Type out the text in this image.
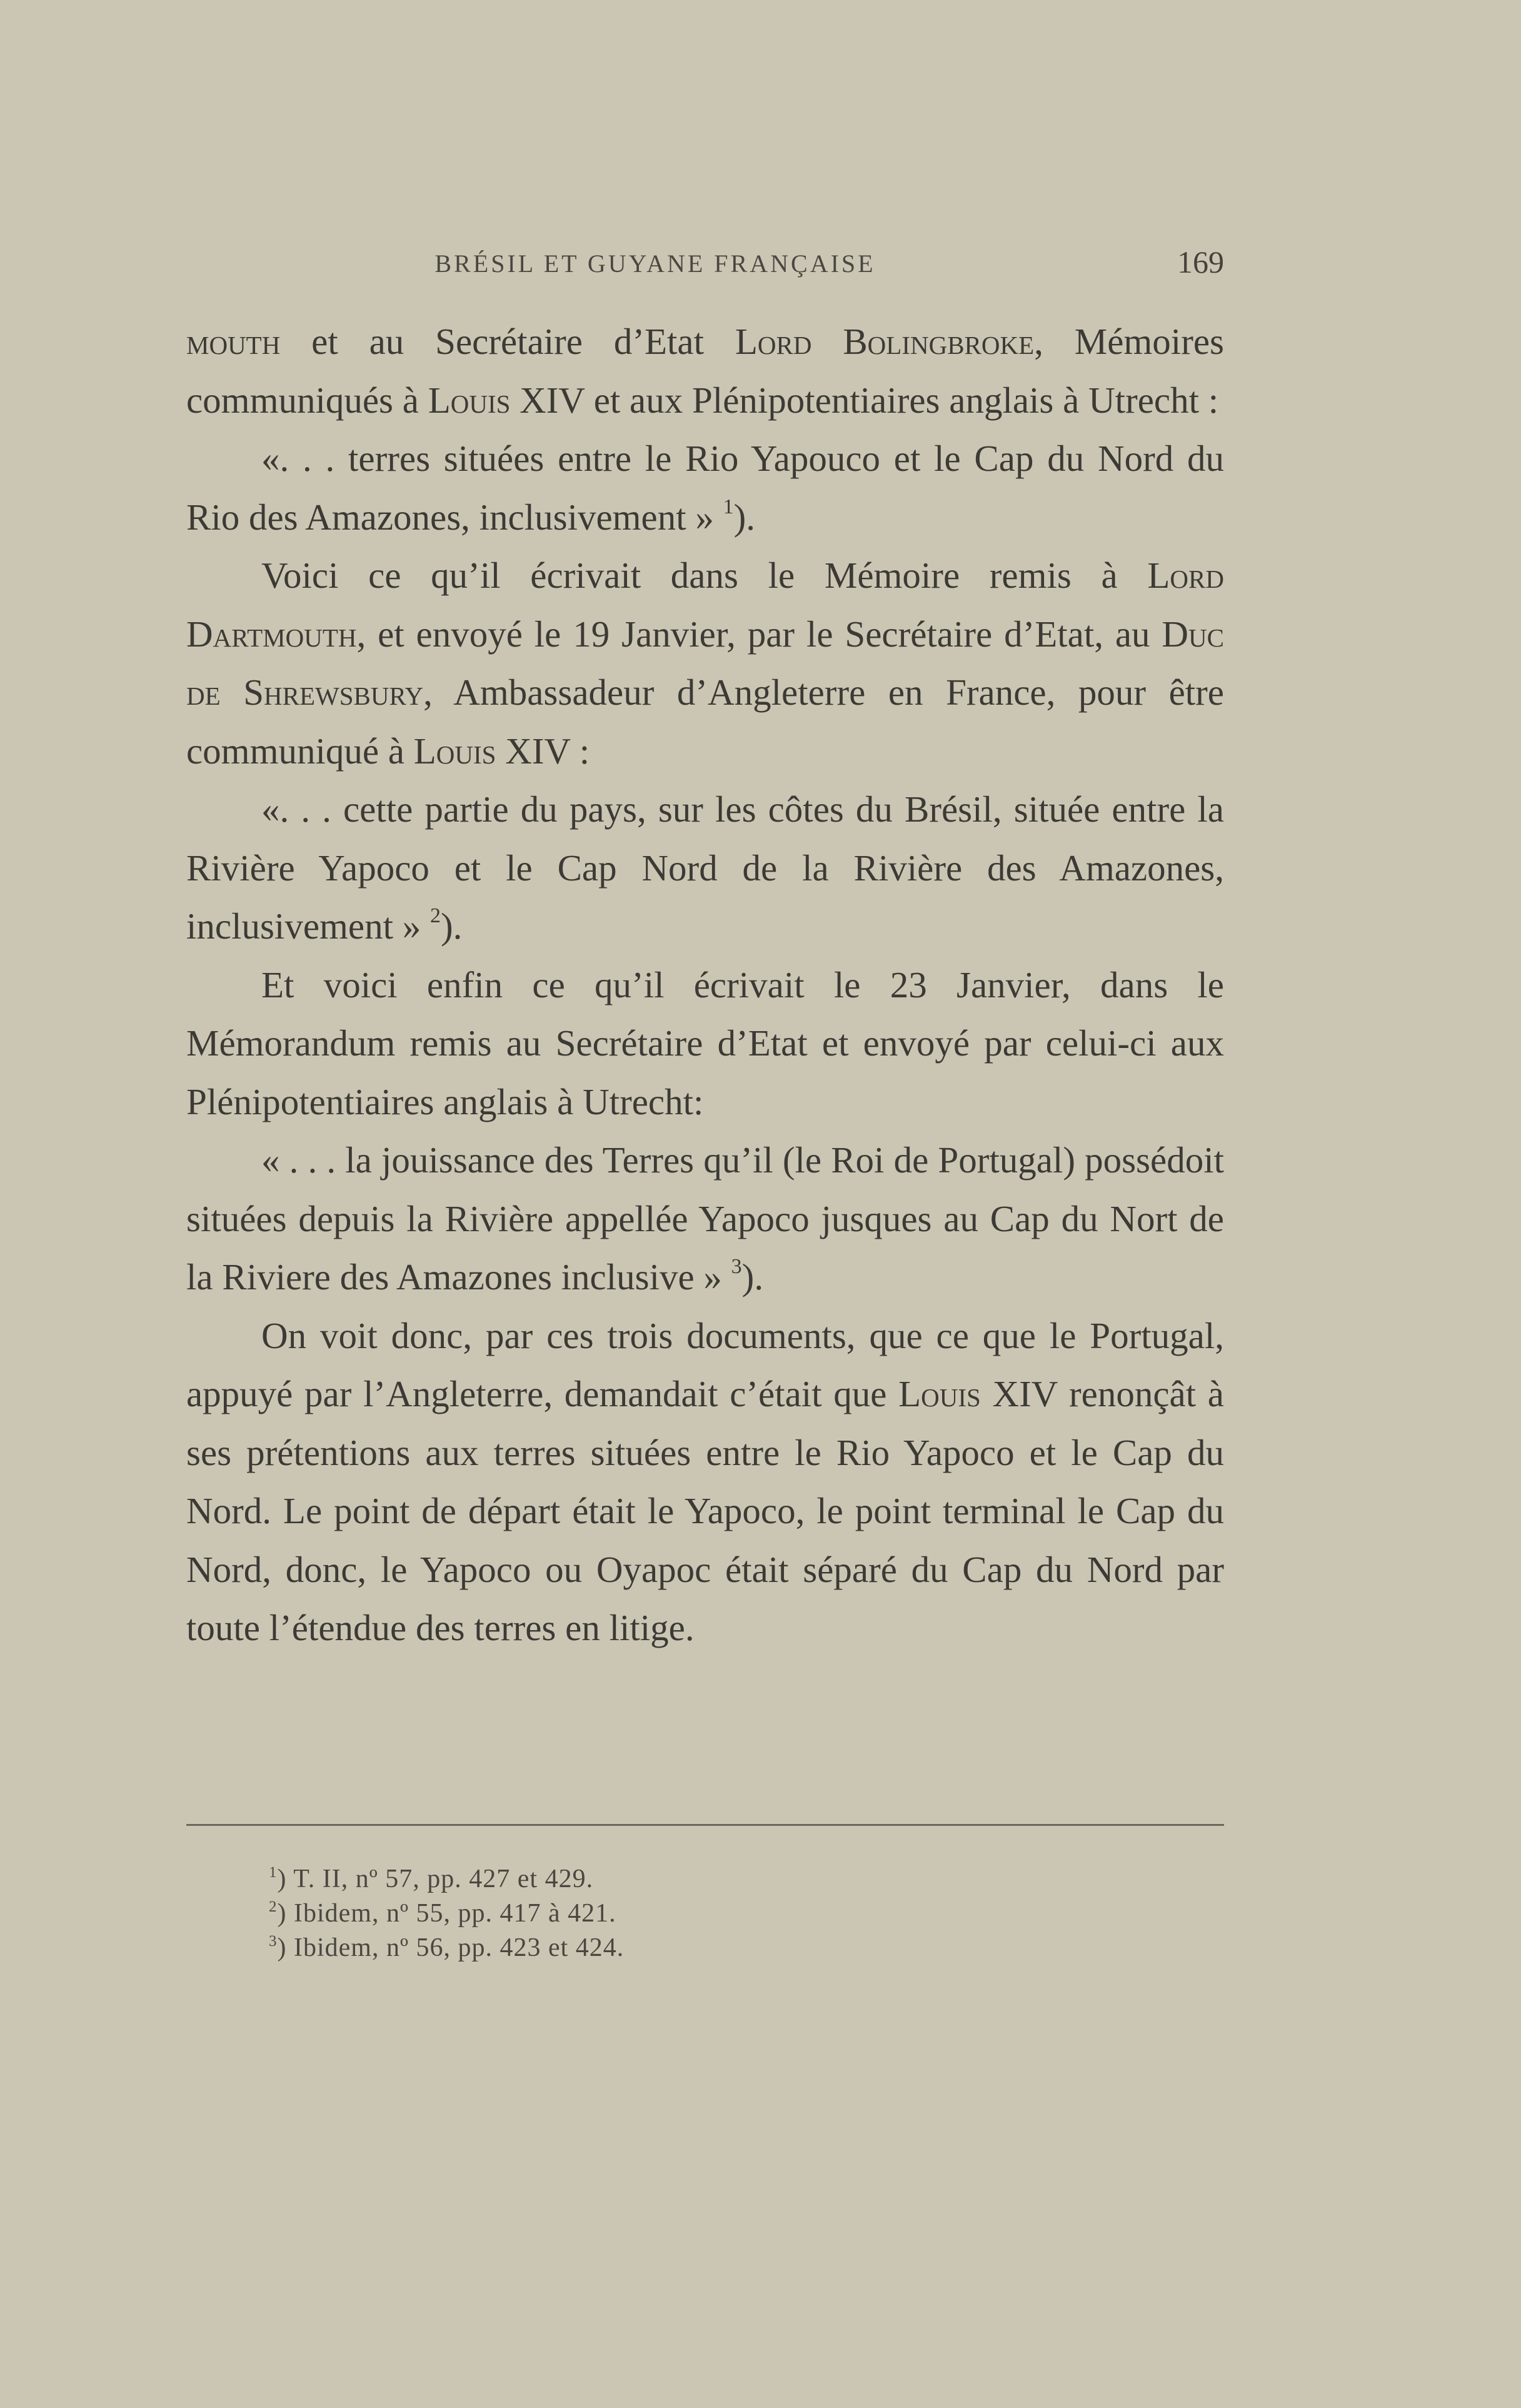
BRÉSIL ET GUYANE FRANÇAISE	169

mouth et au Secrétaire d’Etat Lord Bolingbroke, Mémoires communiqués à Louis XIV et aux Plénipotentiaires anglais à Utrecht :

«. . . terres situées entre le Rio Yapouco et le Cap du Nord du Rio des Amazones, inclusivement » $^1$).

Voici ce qu’il écrivait dans le Mémoire remis à Lord Dartmouth, et envoyé le 19 Janvier, par le Secrétaire d’Etat, au Duc de Shrewsbury, Ambassadeur d’Angleterre en France, pour être communiqué à Louis XIV :

«. . . cette partie du pays, sur les côtes du Brésil, située entre la Rivière Yapoco et le Cap Nord de la Rivière des Amazones, inclusivement » $^2$).

Et voici enfin ce qu’il écrivait le 23 Janvier, dans le Mémorandum remis au Secrétaire d’Etat et envoyé par celui-ci aux Plénipotentiaires anglais à Utrecht:

« . . . la jouissance des Terres qu’il (le Roi de Portugal) possédoit situées depuis la Rivière appellée Yapoco jusques au Cap du Nort de la Riviere des Amazones inclusive » $^3$).

On voit donc, par ces trois documents, que ce que le Portugal, appuyé par l’Angleterre, demandait c’était que Louis XIV renonçât à ses prétentions aux terres situées entre le Rio Yapoco et le Cap du Nord. Le point de départ était le Yapoco, le point terminal le Cap du Nord, donc, le Yapoco ou Oyapoc était séparé du Cap du Nord par toute l’étendue des terres en litige.

$^1$) T. II, nº 57, pp. 427 et 429.

$^2$) Ibidem, nº 55, pp. 417 à 421.

$^3$) Ibidem, nº 56, pp. 423 et 424.
